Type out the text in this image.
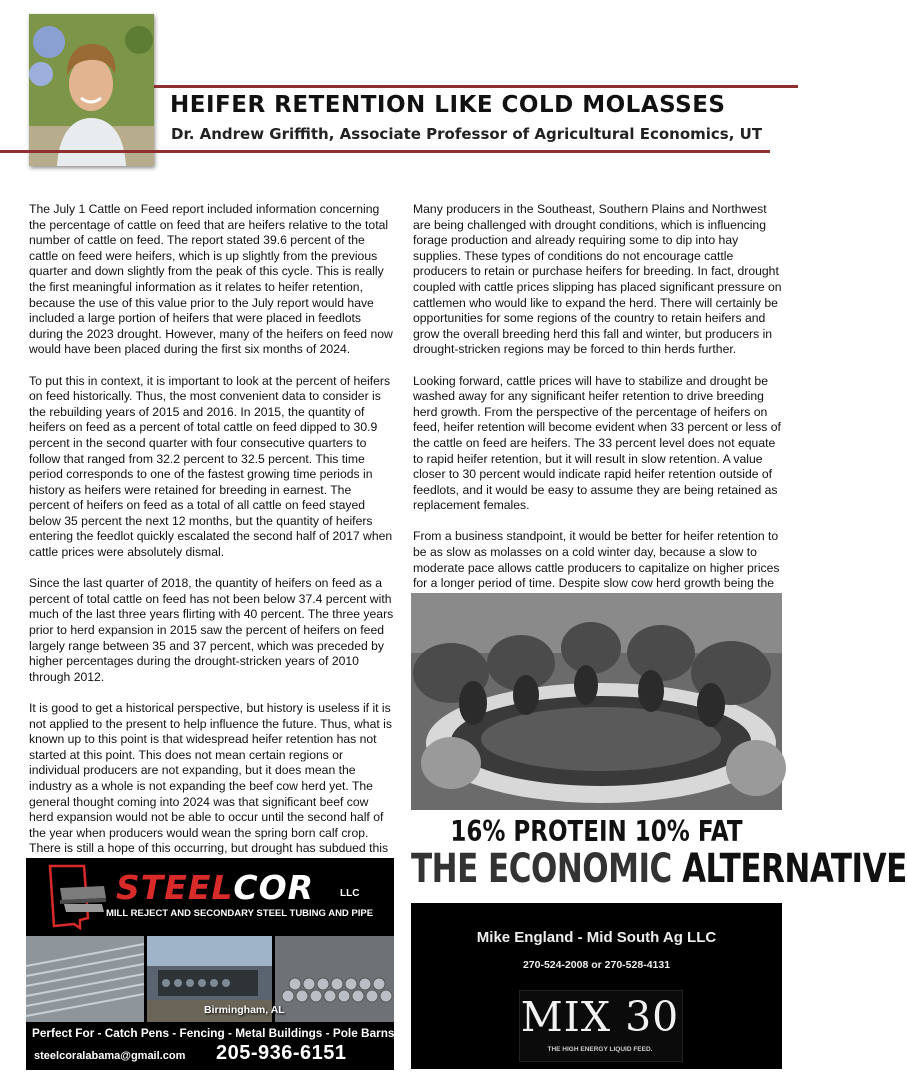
HEIFER RETENTION LIKE COLD MOLASSES
Dr. Andrew Griffith, Associate Professor of Agricultural Economics, UT

The July 1 Cattle on Feed report included information concerning the percentage of cattle on feed that are heifers relative to the total number of cattle on feed. The report stated 39.6 percent of the cattle on feed were heifers, which is up slightly from the previous quarter and down slightly from the peak of this cycle. This is really the first meaningful information as it relates to heifer retention, because the use of this value prior to the July report would have included a large portion of heifers that were placed in feedlots during the 2023 drought. However, many of the heifers on feed now would have been placed during the first six months of 2024.

To put this in context, it is important to look at the percent of heifers on feed historically. Thus, the most convenient data to consider is the rebuilding years of 2015 and 2016. In 2015, the quantity of heifers on feed as a percent of total cattle on feed dipped to 30.9 percent in the second quarter with four consecutive quarters to follow that ranged from 32.2 percent to 32.5 percent. This time period corresponds to one of the fastest growing time periods in history as heifers were retained for breeding in earnest. The percent of heifers on feed as a total of all cattle on feed stayed below 35 percent the next 12 months, but the quantity of heifers entering the feedlot quickly escalated the second half of 2017 when cattle prices were absolutely dismal.

Since the last quarter of 2018, the quantity of heifers on feed as a percent of total cattle on feed has not been below 37.4 percent with much of the last three years flirting with 40 percent. The three years prior to herd expansion in 2015 saw the percent of heifers on feed largely range between 35 and 37 percent, which was preceded by higher percentages during the drought-stricken years of 2010 through 2012.

It is good to get a historical perspective, but history is useless if it is not applied to the present to help influence the future. Thus, what is known up to this point is that widespread heifer retention has not started at this point. This does not mean certain regions or individual producers are not expanding, but it does mean the industry as a whole is not expanding the beef cow herd yet. The general thought coming into 2024 was that significant beef cow herd expansion would not be able to occur until the second half of the year when producers would wean the spring born calf crop. There is still a hope of this occurring, but drought has subdued this

Many producers in the Southeast, Southern Plains and Northwest are being challenged with drought conditions, which is influencing forage production and already requiring some to dip into hay supplies. These types of conditions do not encourage cattle producers to retain or purchase heifers for breeding. In fact, drought coupled with cattle prices slipping has placed significant pressure on cattlemen who would like to expand the herd. There will certainly be opportunities for some regions of the country to retain heifers and grow the overall breeding herd this fall and winter, but producers in drought-stricken regions may be forced to thin herds further.

Looking forward, cattle prices will have to stabilize and drought be washed away for any significant heifer retention to drive breeding herd growth. From the perspective of the percentage of heifers on feed, heifer retention will become evident when 33 percent or less of the cattle on feed are heifers. The 33 percent level does not equate to rapid heifer retention, but it will result in slow retention. A value closer to 30 percent would indicate rapid heifer retention outside of feedlots, and it would be easy to assume they are being retained as replacement females.

From a business standpoint, it would be better for heifer retention to be as slow as molasses on a cold winter day, because a slow to moderate pace allows cattle producers to capitalize on higher prices for a longer period of time. Despite slow cow herd growth being the

STEELCOR	LLC
MILL REJECT AND SECONDARY STEEL TUBING AND PIPE
Birmingham, AL
Perfect For - Catch Pens - Fencing - Metal Buildings - Pole Barns
steelcoralabama@gmail.com 205-936-6151
16% PROTEIN 10% FAT
THE ECONOMIC ALTERNATIVE
Mike England - Mid South Ag LLC
270-524-2008 or 270-528-4131
MIX 30
THE HIGH ENERGY LIQUID FEED.
